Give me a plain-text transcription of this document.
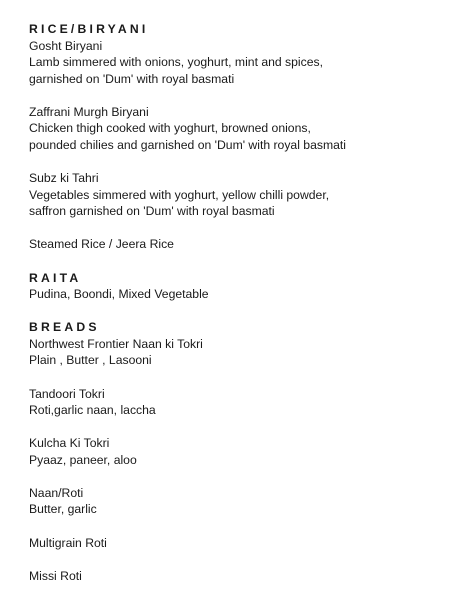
RICE/BIRYANI

Gosht Biryani

Lamb simmered with onions, yoghurt, mint and spices,

garnished on 'Dum' with royal basmati

Zaffrani Murgh Biryani

Chicken thigh cooked with yoghurt, browned onions,

pounded chilies and garnished on 'Dum' with royal basmati

Subz ki Tahri

Vegetables simmered with yoghurt, yellow chilli powder,

saffron garnished on 'Dum' with royal basmati

Steamed Rice / Jeera Rice

RAITA

Pudina, Boondi, Mixed Vegetable

BREADS

Northwest Frontier Naan ki Tokri

Plain , Butter , Lasooni

Tandoori Tokri

Roti,garlic naan, laccha

Kulcha Ki Tokri

Pyaaz, paneer, aloo

Naan/Roti

Butter, garlic

Multigrain Roti

Missi Roti
